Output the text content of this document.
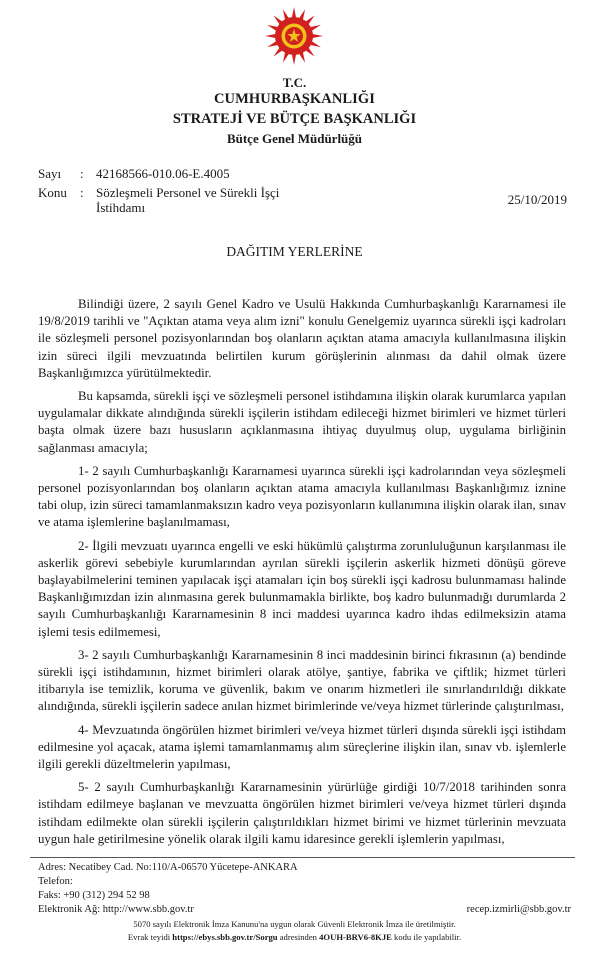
T.C.
CUMHURBAŞKANLIĞI
STRATEJİ VE BÜTÇE BAŞKANLIĞI
Bütçe Genel Müdürlüğü
Sayı : 42168566-010.06-E.4005
Konu : Sözleşmeli Personel ve Sürekli İşçi
İstihdamı
25/10/2019
DAĞITIM YERLERİNE

Bilindiği üzere, 2 sayılı Genel Kadro ve Usulü Hakkında Cumhurbaşkanlığı Kararnamesi ile 19/8/2019 tarihli ve "Açıktan atama veya alım izni" konulu Genelgemiz uyarınca sürekli işçi kadroları ile sözleşmeli personel pozisyonlarından boş olanların açıktan atama amacıyla kullanılmasına ilişkin izin süreci ilgili mevzuatında belirtilen kurum görüşlerinin alınması da dahil olmak üzere Başkanlığımızca yürütülmektedir.

Bu kapsamda, sürekli işçi ve sözleşmeli personel istihdamına ilişkin olarak kurumlarca yapılan uygulamalar dikkate alındığında sürekli işçilerin istihdam edileceği hizmet birimleri ve hizmet türleri başta olmak üzere bazı hususların açıklanmasına ihtiyaç duyulmuş olup, uygulama birliğinin sağlanması amacıyla;

1- 2 sayılı Cumhurbaşkanlığı Kararnamesi uyarınca sürekli işçi kadrolarından veya sözleşmeli personel pozisyonlarından boş olanların açıktan atama amacıyla kullanılması Başkanlığımız iznine tabi olup, izin süreci tamamlanmaksızın kadro veya pozisyonların kullanımına ilişkin olarak ilan, sınav ve atama işlemlerine başlanılmaması,

2- İlgili mevzuatı uyarınca engelli ve eski hükümlü çalıştırma zorunluluğunun karşılanması ile askerlik görevi sebebiyle kurumlarından ayrılan sürekli işçilerin askerlik hizmeti dönüşü göreve başlayabilmelerini teminen yapılacak işçi atamaları için boş sürekli işçi kadrosu bulunmaması halinde Başkanlığımızdan izin alınmasına gerek bulunmamakla birlikte, boş kadro bulunmadığı durumlarda 2 sayılı Cumhurbaşkanlığı Kararnamesinin 8 inci maddesi uyarınca kadro ihdas edilmeksizin atama işlemi tesis edilmemesi,

3- 2 sayılı Cumhurbaşkanlığı Kararnamesinin 8 inci maddesinin birinci fıkrasının (a) bendinde sürekli işçi istihdamının, hizmet birimleri olarak atölye, şantiye, fabrika ve çiftlik; hizmet türleri itibarıyla ise temizlik, koruma ve güvenlik, bakım ve onarım hizmetleri ile sınırlandırıldığı dikkate alındığında, sürekli işçilerin sadece anılan hizmet birimlerinde ve/veya hizmet türlerinde çalıştırılması,

4- Mevzuatında öngörülen hizmet birimleri ve/veya hizmet türleri dışında sürekli işçi istihdam edilmesine yol açacak, atama işlemi tamamlanmamış alım süreçlerine ilişkin ilan, sınav vb. işlemlerle ilgili gerekli düzeltmelerin yapılması,

5- 2 sayılı Cumhurbaşkanlığı Kararnamesinin yürürlüğe girdiği 10/7/2018 tarihinden sonra istihdam edilmeye başlanan ve mevzuatta öngörülen hizmet birimleri ve/veya hizmet türleri dışında istihdam edilmekte olan sürekli işçilerin çalıştırıldıkları hizmet birimi ve hizmet türlerinin mevzuata uygun hale getirilmesine yönelik olarak ilgili kamu idaresince gerekli işlemlerin yapılması,

Adres: Necatibey Cad. No:110/A-06570 Yücetepe-ANKARA
Telefon:
Faks: +90 (312) 294 52 98
Elektronik Ağ: http://www.sbb.gov.tr	recep.izmirli@sbb.gov.tr
5070 sayılı Elektronik İmza Kanunu'na uygun olarak Güvenli Elektronik İmza ile üretilmiştir.
Evrak teyidi https://ebys.sbb.gov.tr/Sorgu adresinden 4OUH-BRV6-8KJE kodu ile yapılabilir.
